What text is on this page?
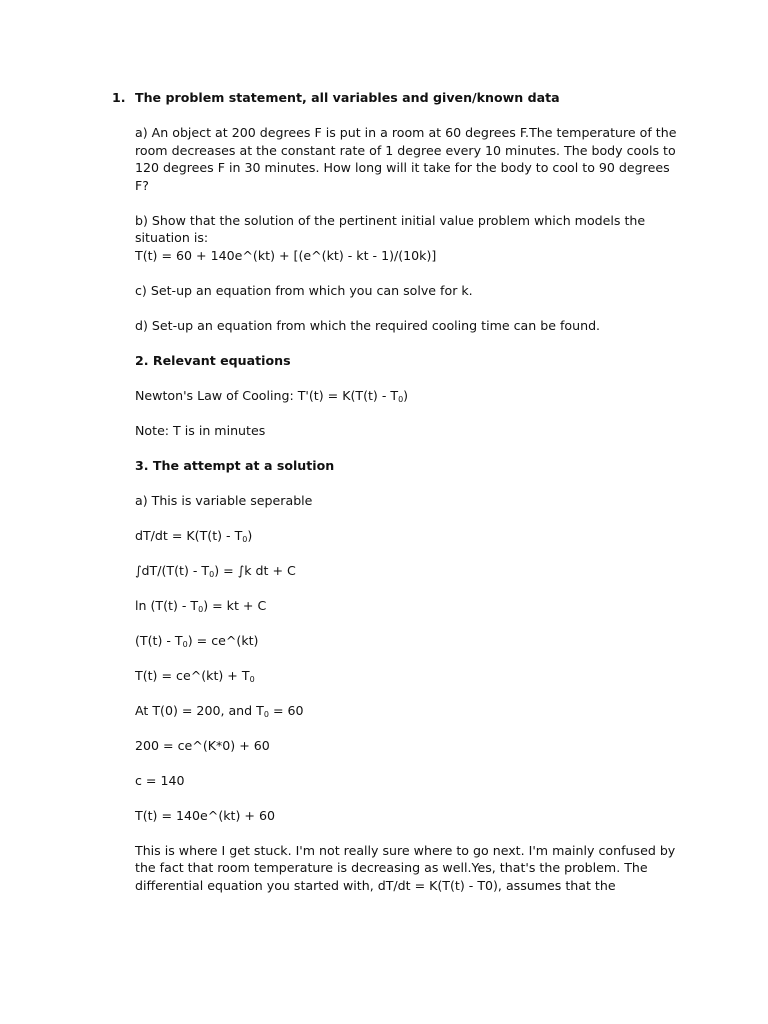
1. The problem statement, all variables and given/known data

a) An object at 200 degrees F is put in a room at 60 degrees F.The temperature of the room decreases at the constant rate of 1 degree every 10 minutes. The body cools to 120 degrees F in 30 minutes. How long will it take for the body to cool to 90 degrees F?

b) Show that the solution of the pertinent initial value problem which models the situation is:
T(t) = 60 + 140e^(kt) + [(e^(kt) - kt - 1)/(10k)]

c) Set-up an equation from which you can solve for k.

d) Set-up an equation from which the required cooling time can be found.

2. Relevant equations

Newton's Law of Cooling: $T'(t) = K(T(t) - T_0)$

Note: T is in minutes

3. The attempt at a solution

a) This is variable seperable

$dT/dt = K(T(t) - T_0)$

$\int dT/(T(t) - T_0) = \int k$ dt + C

$\ln (T(t) - T_0)$ = kt + C

$(T(t) - T_0)$ = ce^(kt)

T(t) = ce^(kt) + $T_0$

At T(0) = 200, and $T_0 = 60$

200 = ce^(K*0) + 60

c = 140

T(t) = 140e^(kt) + 60

This is where I get stuck. I'm not really sure where to go next. I'm mainly confused by the fact that room temperature is decreasing as well.Yes, that's the problem. The differential equation you started with, dT/dt = K(T(t) - T0), assumes that the
